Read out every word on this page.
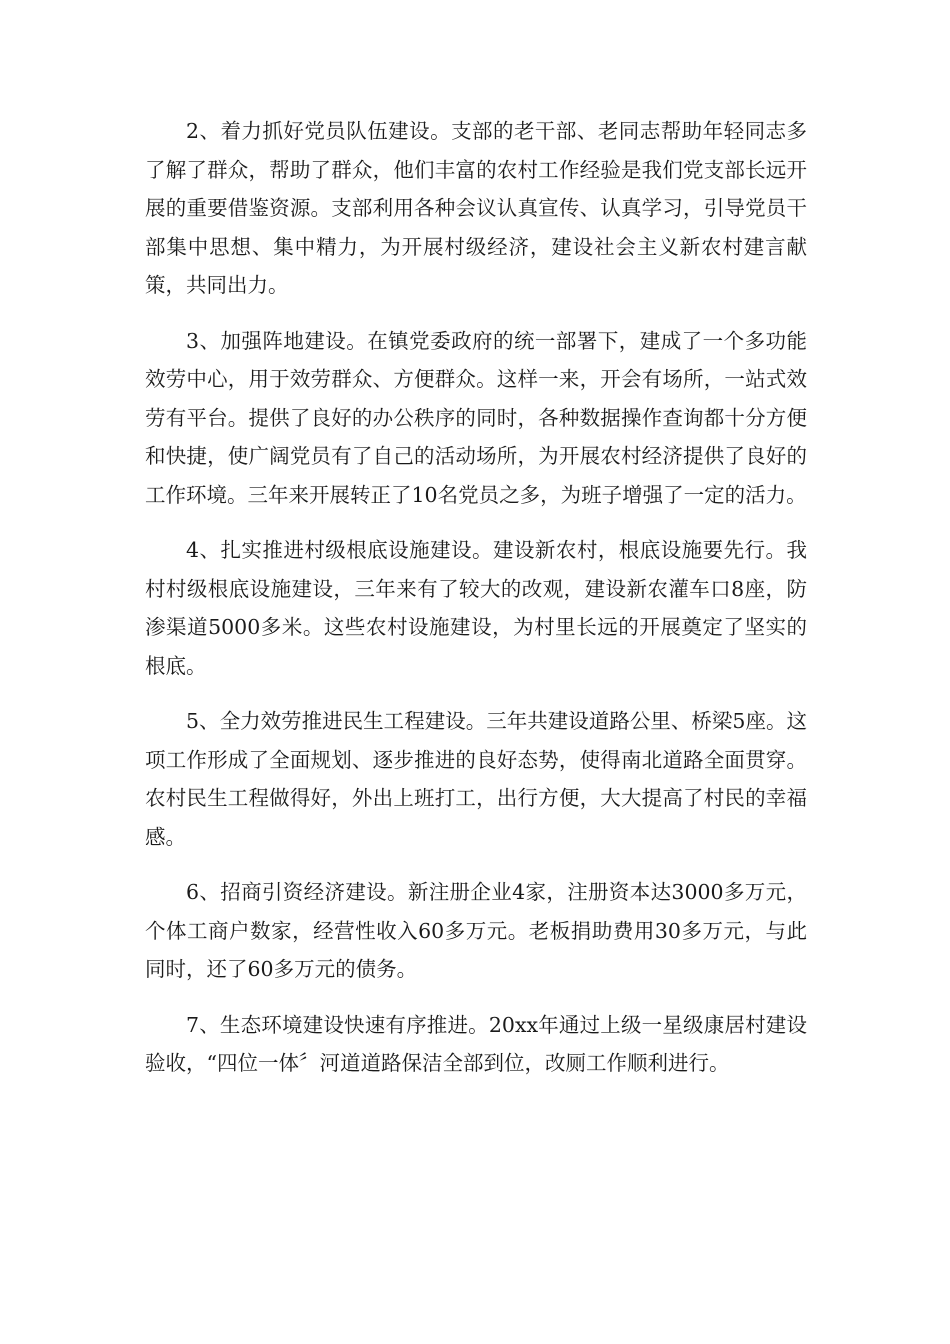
2、着力抓好党员队伍建设。支部的老干部、老同志帮助年轻同志多了解了群众，帮助了群众，他们丰富的农村工作经验是我们党支部长远开展的重要借鉴资源。支部利用各种会议认真宣传、认真学习，引导党员干部集中思想、集中精力，为开展村级经济，建设社会主义新农村建言献策，共同出力。

3、加强阵地建设。在镇党委政府的统一部署下，建成了一个多功能效劳中心，用于效劳群众、方便群众。这样一来，开会有场所，一站式效劳有平台。提供了良好的办公秩序的同时，各种数据操作查询都十分方便和快捷，使广阔党员有了自己的活动场所，为开展农村经济提供了良好的工作环境。三年来开展转正了10名党员之多，为班子增强了一定的活力。

4、扎实推进村级根底设施建设。建设新农村，根底设施要先行。我村村级根底设施建设，三年来有了较大的改观，建设新农灌车口8座，防渗渠道5000多米。这些农村设施建设，为村里长远的开展奠定了坚实的根底。

5、全力效劳推进民生工程建设。三年共建设道路公里、桥梁5座。这项工作形成了全面规划、逐步推进的良好态势，使得南北道路全面贯穿。农村民生工程做得好，外出上班打工，出行方便，大大提高了村民的幸福感。

6、招商引资经济建设。新注册企业4家，注册资本达3000多万元，个体工商户数家，经营性收入60多万元。老板捐助费用30多万元，与此同时，还了60多万元的债务。

7、生态环境建设快速有序推进。20xx年通过上级一星级康居村建设验收，“四位一体〞河道道路保洁全部到位，改厕工作顺利进行。
